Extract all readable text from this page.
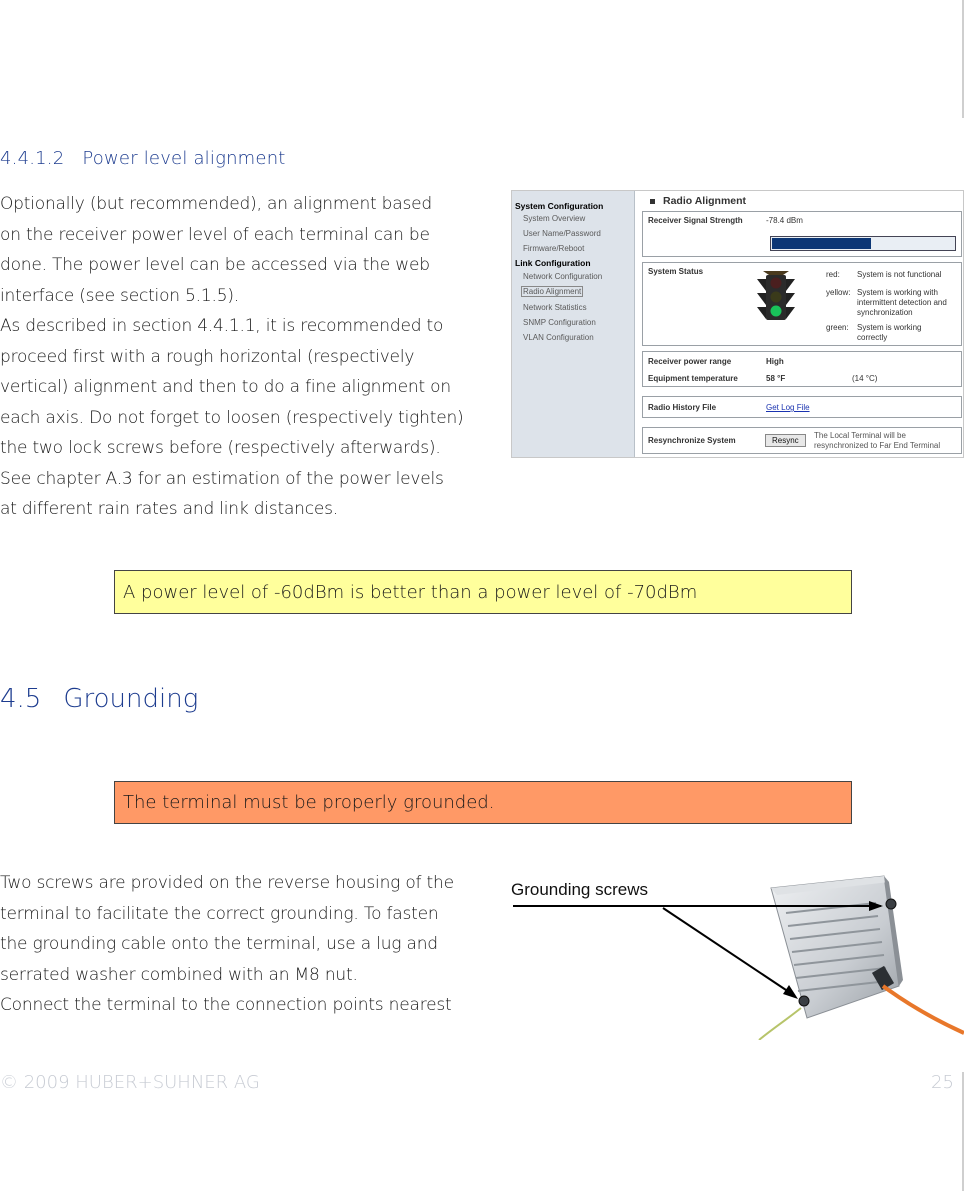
4.4.1.2 Power level alignment
Optionally (but recommended), an alignment based
on the receiver power level of each terminal can be
done. The power level can be accessed via the web
interface (see section 5.1.5).
As described in section 4.4.1.1, it is recommended to
proceed first with a rough horizontal (respectively
vertical) alignment and then to do a fine alignment on
each axis. Do not forget to loosen (respectively tighten)
the two lock screws before (respectively afterwards).
See chapter A.3 for an estimation of the power levels
at different rain rates and link distances.
System Configuration
System Overview
User Name/Password
Firmware/Reboot
Link Configuration
Network Configuration
Radio Alignment
Network Statistics
SNMP Configuration
VLAN Configuration
Radio Alignment
Receiver Signal Strength	-78.4 dBm
System Status	red: System is not functional
yellow: System is working with intermittent detection and synchronization
green: System is working correctly
Receiver power range	High
Equipment temperature	58 °F	(14 °C)
Radio History File	Get Log File
Resynchronize System	Resync
The Local Terminal will be resynchronized to Far End Terminal
A power level of -60dBm is better than a power level of -70dBm
4.5 Grounding
The terminal must be properly grounded.
Two screws are provided on the reverse housing of the
terminal to facilitate the correct grounding. To fasten
the grounding cable onto the terminal, use a lug and
serrated washer combined with an M8 nut.
Connect the terminal to the connection points nearest
Grounding screws
© 2009 HUBER+SUHNER AG	25
